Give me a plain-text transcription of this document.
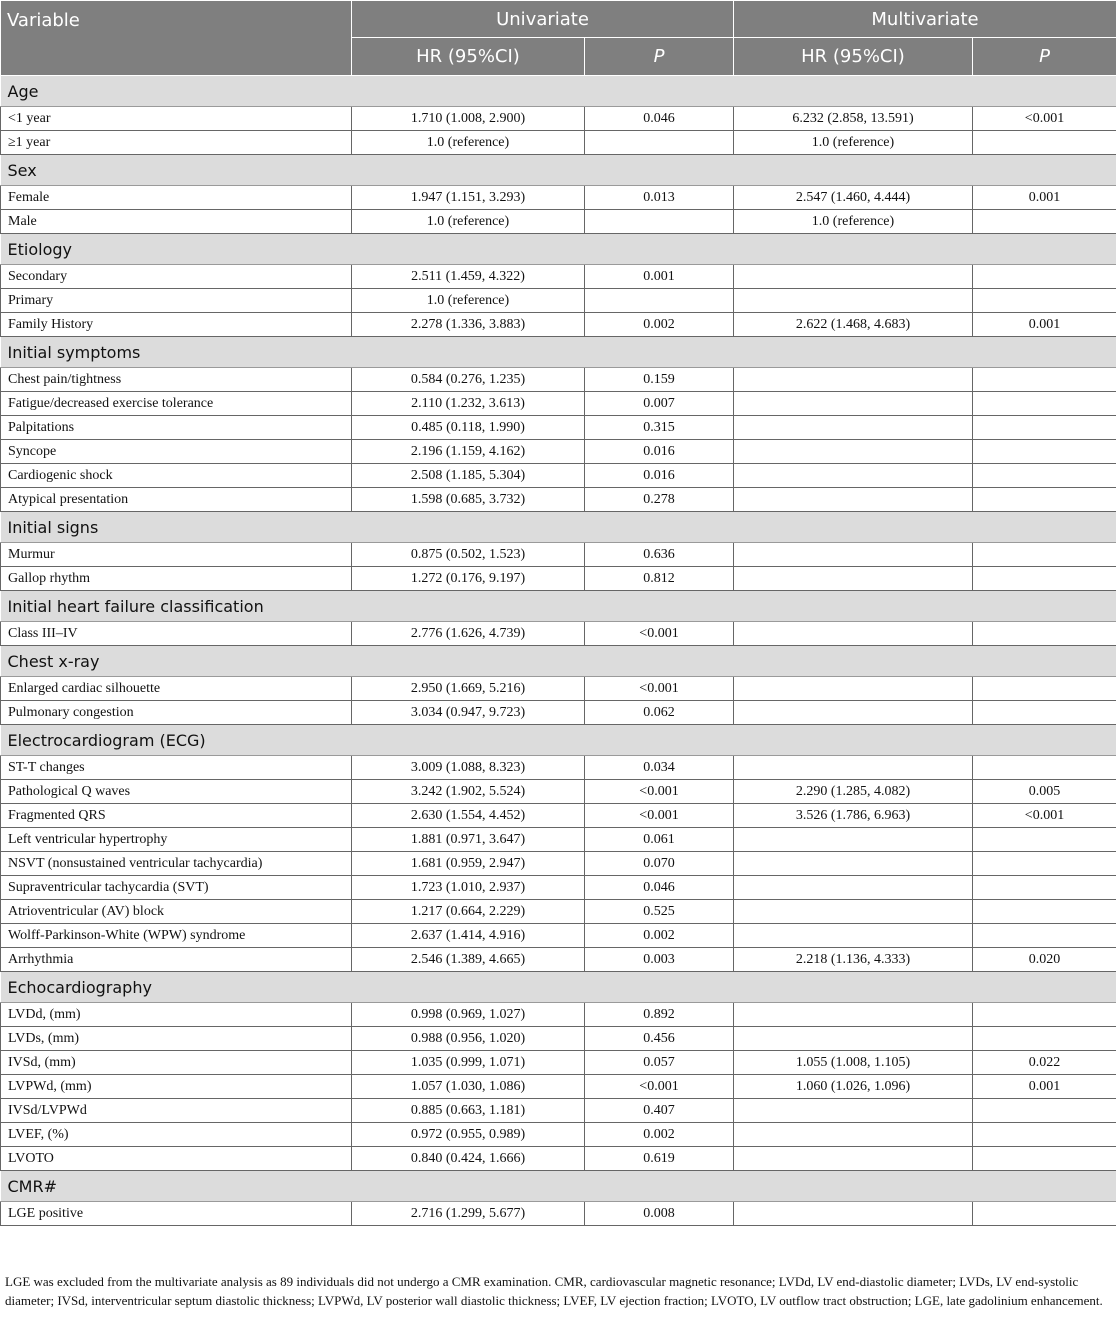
Variable	Univariate		Multivariate	
	HR (95%CI)	P	HR (95%CI)	P
Age				
<1 year	1.710 (1.008, 2.900)	0.046	6.232 (2.858, 13.591)	<0.001
≥1 year	1.0 (reference)		1.0 (reference)	
Sex				
Female	1.947 (1.151, 3.293)	0.013	2.547 (1.460, 4.444)	0.001
Male	1.0 (reference)		1.0 (reference)	
Etiology				
Secondary	2.511 (1.459, 4.322)	0.001		
Primary	1.0 (reference)			
Family History	2.278 (1.336, 3.883)	0.002	2.622 (1.468, 4.683)	0.001
Initial symptoms				
Chest pain/tightness	0.584 (0.276, 1.235)	0.159		
Fatigue/decreased exercise tolerance	2.110 (1.232, 3.613)	0.007		
Palpitations	0.485 (0.118, 1.990)	0.315		
Syncope	2.196 (1.159, 4.162)	0.016		
Cardiogenic shock	2.508 (1.185, 5.304)	0.016		
Atypical presentation	1.598 (0.685, 3.732)	0.278		
Initial signs				
Murmur	0.875 (0.502, 1.523)	0.636		
Gallop rhythm	1.272 (0.176, 9.197)	0.812		
Initial heart failure classification				
Class III–IV	2.776 (1.626, 4.739)	<0.001		
Chest x-ray				
Enlarged cardiac silhouette	2.950 (1.669, 5.216)	<0.001		
Pulmonary congestion	3.034 (0.947, 9.723)	0.062		
Electrocardiogram (ECG)				
ST-T changes	3.009 (1.088, 8.323)	0.034		
Pathological Q waves	3.242 (1.902, 5.524)	<0.001	2.290 (1.285, 4.082)	0.005
Fragmented QRS	2.630 (1.554, 4.452)	<0.001	3.526 (1.786, 6.963)	<0.001
Left ventricular hypertrophy	1.881 (0.971, 3.647)	0.061		
NSVT (nonsustained ventricular tachycardia)	1.681 (0.959, 2.947)	0.070		
Supraventricular tachycardia (SVT)	1.723 (1.010, 2.937)	0.046		
Atrioventricular (AV) block	1.217 (0.664, 2.229)	0.525		
Wolff-Parkinson-White (WPW) syndrome	2.637 (1.414, 4.916)	0.002		
Arrhythmia	2.546 (1.389, 4.665)	0.003	2.218 (1.136, 4.333)	0.020
Echocardiography				
LVDd, (mm)	0.998 (0.969, 1.027)	0.892		
LVDs, (mm)	0.988 (0.956, 1.020)	0.456		
IVSd, (mm)	1.035 (0.999, 1.071)	0.057	1.055 (1.008, 1.105)	0.022
LVPWd, (mm)	1.057 (1.030, 1.086)	<0.001	1.060 (1.026, 1.096)	0.001
IVSd/LVPWd	0.885 (0.663, 1.181)	0.407		
LVEF, (%)	0.972 (0.955, 0.989)	0.002		
LVOTO	0.840 (0.424, 1.666)	0.619		
CMR#				
LGE positive	2.716 (1.299, 5.677)	0.008		
LGE was excluded from the multivariate analysis as 89 individuals did not undergo a CMR examination. CMR, cardiovascular magnetic resonance; LVDd, LV end-diastolic diameter; LVDs, LV end-systolic diameter; IVSd, interventricular septum diastolic thickness; LVPWd, LV posterior wall diastolic thickness; LVEF, LV ejection fraction; LVOTO, LV outflow tract obstruction; LGE, late gadolinium enhancement.
